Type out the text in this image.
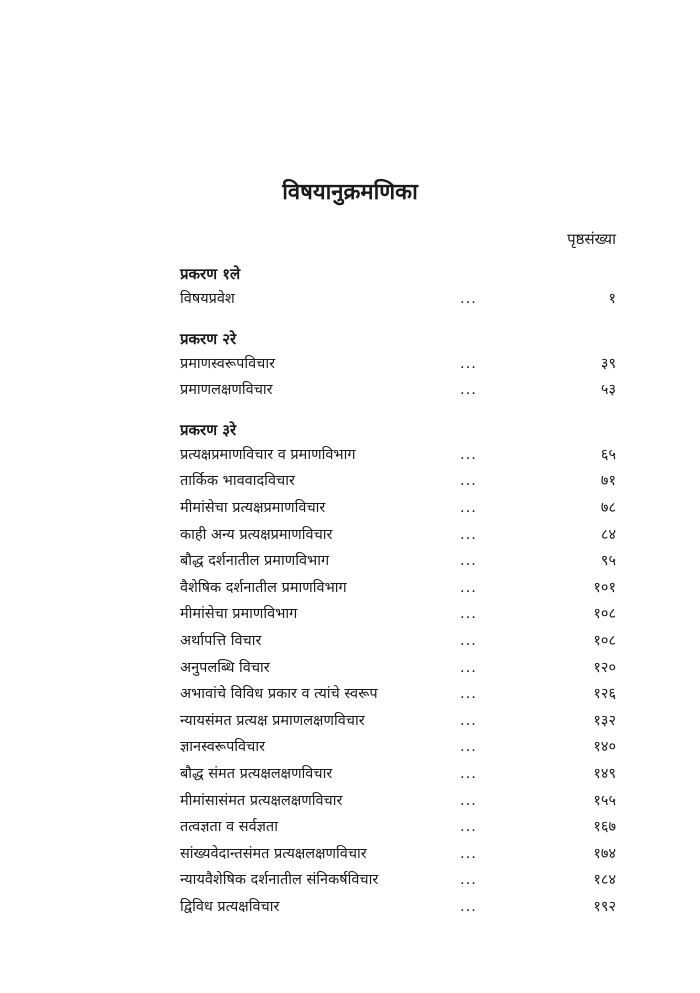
विषयानुक्रमणिका
पृष्ठसंख्या
प्रकरण १ले
विषयप्रवेश	...	१
प्रकरण २रे
प्रमाणस्वरूपविचार	...	३९
प्रमाणलक्षणविचार	...	५३
प्रकरण ३रे
प्रत्यक्षप्रमाणविचार व प्रमाणविभाग	...	६५
तार्किक भाववादविचार	...	७१
मीमांसेचा प्रत्यक्षप्रमाणविचार	...	७८
काही अन्य प्रत्यक्षप्रमाणविचार	...	८४
बौद्ध दर्शनातील प्रमाणविभाग	...	९५
वैशेषिक दर्शनातील प्रमाणविभाग	...	१०१
मीमांसेचा प्रमाणविभाग	...	१०८
अर्थापत्ति विचार	...	१०८
अनुपलब्धि विचार	...	१२०
अभावांचे विविध प्रकार व त्यांचे स्वरूप	...	१२६
न्यायसंमत प्रत्यक्ष प्रमाणलक्षणविचार	...	१३२
ज्ञानस्वरूपविचार	...	१४०
बौद्ध संमत प्रत्यक्षलक्षणविचार	...	१४९
मीमांसासंमत प्रत्यक्षलक्षणविचार	...	१५५
तत्वज्ञता व सर्वज्ञता	...	१६७
सांख्यवेदान्तसंमत प्रत्यक्षलक्षणविचार	...	१७४
न्यायवैशेषिक दर्शनातील संनिकर्षविचार	...	१८४
द्विविध प्रत्यक्षविचार	...	१९२
